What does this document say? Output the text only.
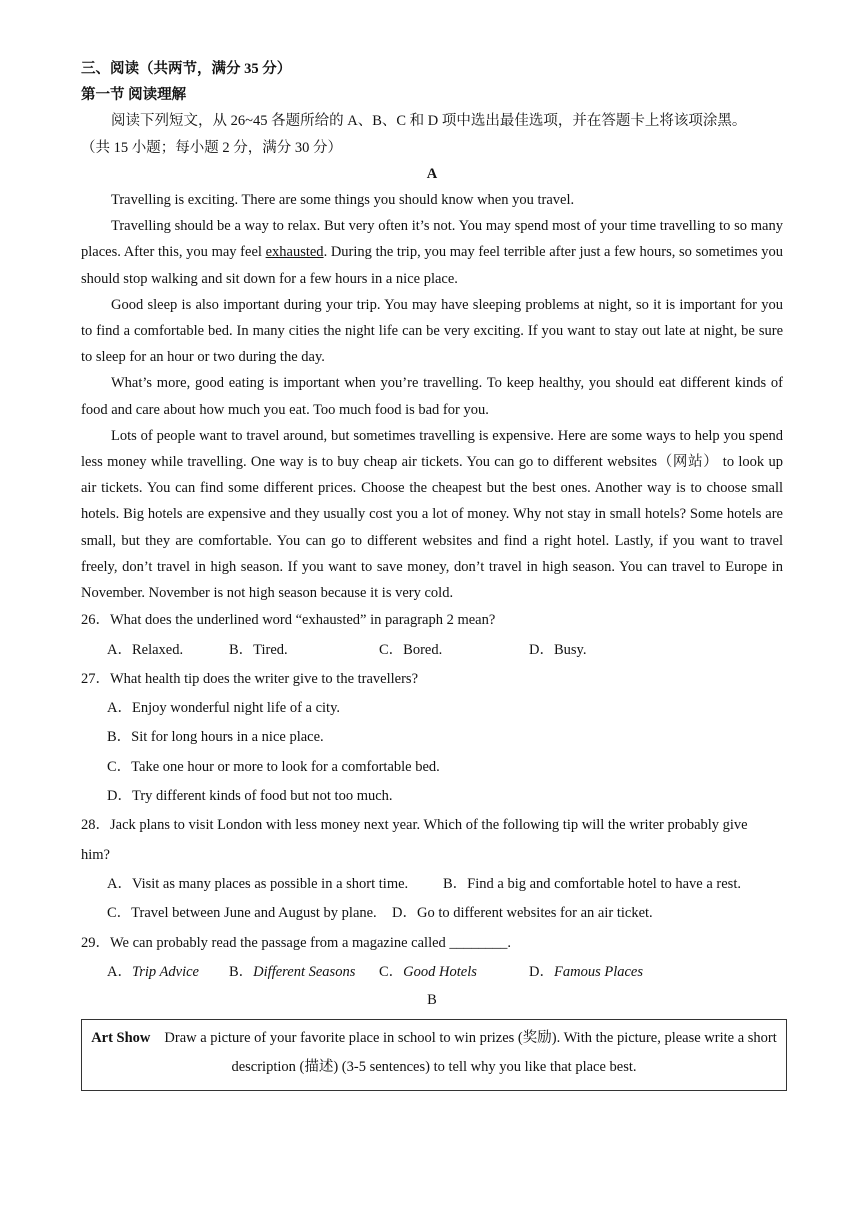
三、阅读（共两节，满分 35 分）
第一节 阅读理解
阅读下列短文，从 26~45 各题所给的 A、B、C 和 D 项中选出最佳选项，并在答题卡上将该项涂黑。
（共 15 小题；每小题 2 分，满分 30 分）
A
Travelling is exciting. There are some things you should know when you travel.
Travelling should be a way to relax. But very often it’s not. You may spend most of your time travelling to so many places. After this, you may feel exhausted. During the trip, you may feel terrible after just a few hours, so sometimes you should stop walking and sit down for a few hours in a nice place.
Good sleep is also important during your trip. You may have sleeping problems at night, so it is important for you to find a comfortable bed. In many cities the night life can be very exciting. If you want to stay out late at night, be sure to sleep for an hour or two during the day.
What’s more, good eating is important when you’re travelling. To keep healthy, you should eat different kinds of food and care about how much you eat. Too much food is bad for you.
Lots of people want to travel around, but sometimes travelling is expensive. Here are some ways to help you spend less money while travelling. One way is to buy cheap air tickets. You can go to different websites（网站） to look up air tickets. You can find some different prices. Choose the cheapest but the best ones. Another way is to choose small hotels. Big hotels are expensive and they usually cost you a lot of money. Why not stay in small hotels? Some hotels are small, but they are comfortable. You can go to different websites and find a right hotel. Lastly, if you want to travel freely, don’t travel in high season. If you want to save money, don’t travel in high season. You can travel to Europe in November. November is not high season because it is very cold.
26．What does the underlined word “exhausted” in paragraph 2 mean?
A．Relaxed.	B．Tired.	C．Bored.	D．Busy.
27．What health tip does the writer give to the travellers?
A．Enjoy wonderful night life of a city.
B．Sit for long hours in a nice place.
C．Take one hour or more to look for a comfortable bed.
D．Try different kinds of food but not too much.
28．Jack plans to visit London with less money next year. Which of the following tip will the writer probably give
him?
A．Visit as many places as possible in a short time. B．Find a big and comfortable hotel to have a rest.
C．Travel between June and August by plane. D．Go to different websites for an air ticket.
29．We can probably read the passage from a magazine called ________.
A．Trip Advice B．Different Seasons C．Good Hotels	D．Famous Places
B
Art Show Draw a picture of your favorite place in school to win prizes (奖励). With the picture, please write a short description (描述) (3-5 sentences) to tell why you like that place best.
